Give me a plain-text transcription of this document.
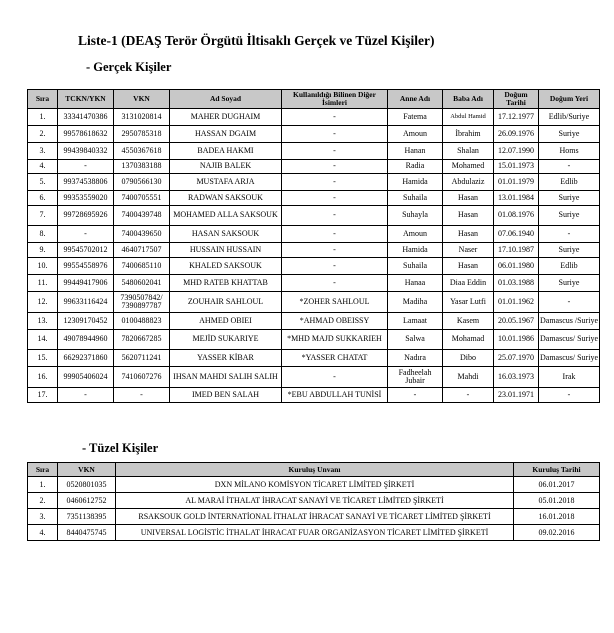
Liste-1 (DEAŞ Terör Örgütü İltisaklı Gerçek ve Tüzel Kişiler)
- Gerçek Kişiler
Sıra	TCKN/YKN	VKN	Ad Soyad	Kullanıldığı Bilinen Diğer İsimleri	Anne Adı	Baba Adı	Doğum Tarihi	Doğum Yeri
1.	33341470386	3131020814	MAHER DUGHAIM	-	Fatema	Abdul Hamid	17.12.1977	Edlib/Suriye
2.	99578618632	2950785318	HASSAN DGAIM	-	Amoun	İbrahim	26.09.1976	Suriye
3.	99439840332	4550367618	BADEA HAKMI	-	Hanan	Shalan	12.07.1990	Homs
4.	-	1370383188	NAJIB BALEK	-	Radia	Mohamed	15.01.1973	-
5.	99374538806	0790566130	MUSTAFA ARJA	-	Hamida	Abdulaziz	01.01.1979	Edlib
6.	99353559020	7400705551	RADWAN SAKSOUK	-	Suhaila	Hasan	13.01.1984	Suriye
7.	99728695926	7400439748	MOHAMED ALLA SAKSOUK	-	Suhayla	Hasan	01.08.1976	Suriye
8.	-	7400439650	HASAN SAKSOUK	-	Amoun	Hasan	07.06.1940	-
9.	99545702012	4640717507	HUSSAIN HUSSAIN	-	Hamida	Naser	17.10.1987	Suriye
10.	99554558976	7400685110	KHALED SAKSOUK	-	Suhaila	Hasan	06.01.1980	Edlib
11.	99449417906	5480602041	MHD RATEB KHATTAB	-	Hanaa	Diaa Eddin	01.03.1988	Suriye
12.	99633116424	7390507842/ 7390897787	ZOUHAIR SAHLOUL	*ZOHER SAHLOUL	Madiha	Yasar Lutfi	01.01.1962	-
13.	12309170452	0100488823	AHMED OBIEI	*AHMAD OBEISSY	Lamaat	Kasem	20.05.1967	Damascus /Suriye
14.	49078944960	7820667285	MEJİD SUKARIYE	*MHD MAJD SUKKARIEH	Salwa	Mohamad	10.01.1986	Damascus/ Suriye
15.	66292371860	5620711241	YASSER KİBAR	*YASSER CHATAT	Nadıra	Dibo	25.07.1970	Damascus/ Suriye
16.	99905406024	7410607276	IHSAN MAHDI SALIH SALIH	-	Fadheelah Jubair	Mahdi	16.03.1973	Irak
17.	-	-	IMED BEN SALAH	*EBU ABDULLAH TUNİSİ	-	-	23.01.1971	-
- Tüzel Kişiler
Sıra	VKN	Kuruluş Unvanı	Kuruluş Tarihi
1.	0520801035	DXN MİLANO KOMİSYON TİCARET LİMİTED ŞİRKETİ	06.01.2017
2.	0460612752	AL MARAİ İTHALAT İHRACAT SANAYİ VE TİCARET LİMİTED ŞİRKETİ	05.01.2018
3.	7351138395	RSAKSOUK GOLD İNTERNATİONAL İTHALAT İHRACAT SANAYİ VE TİCARET LİMİTED ŞİRKETİ	16.01.2018
4.	8440475745	UNIVERSAL LOGİSTİC İTHALAT İHRACAT FUAR ORGANİZASYON TİCARET LİMİTED ŞİRKETİ	09.02.2016
